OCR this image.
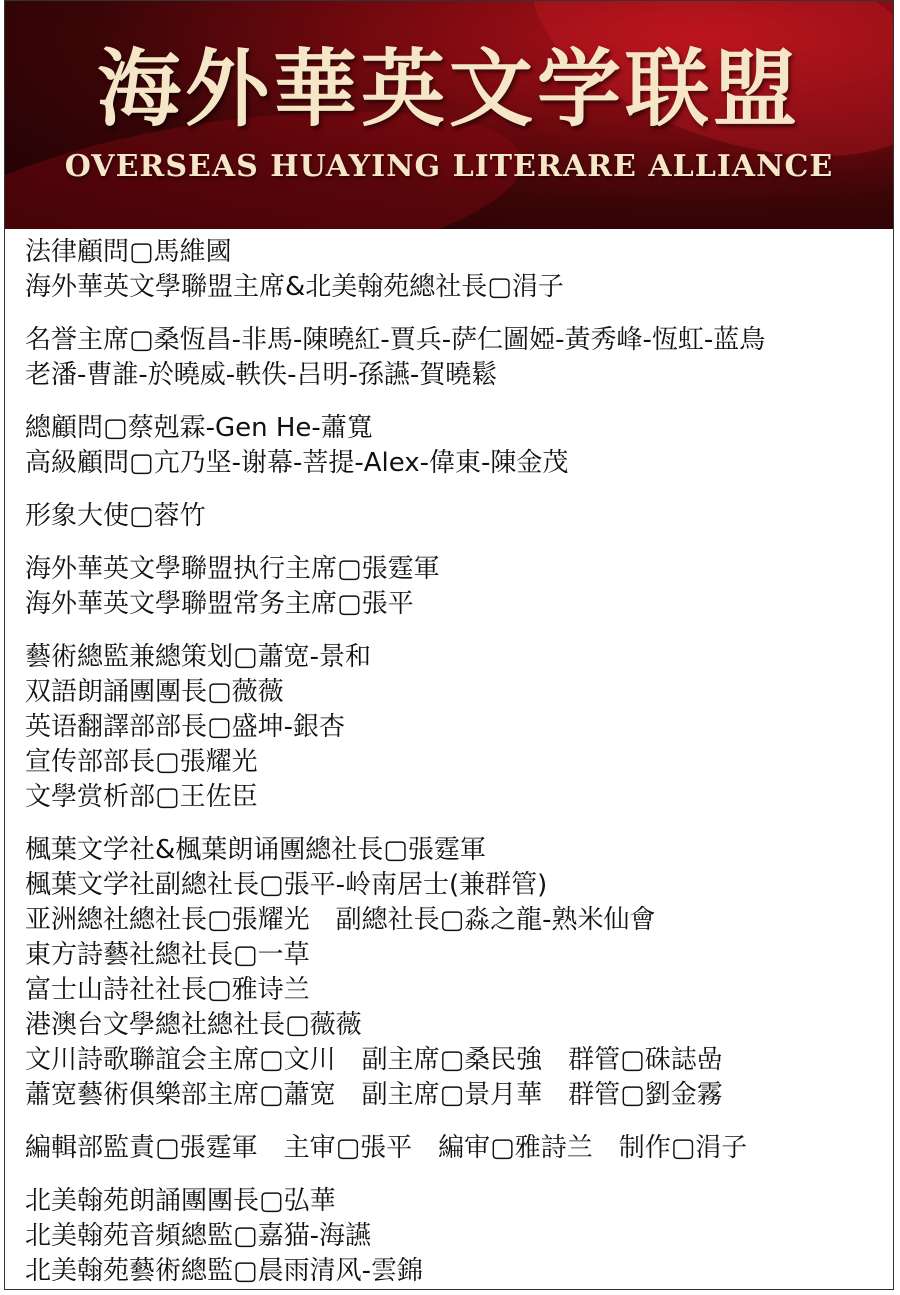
海外華英文学联盟
OVERSEAS HUAYING LITERARE ALLIANCE
法律顧問▢馬維國
海外華英文學聯盟主席&北美翰苑總社長▢涓子
名誉主席▢桑恆昌-非馬-陳曉紅-賈兵-萨仁圖婭-黃秀峰-恆虹-蓝鳥
老潘-曹誰-於曉威-軼佚-吕明-孫讌-賀曉鬆
總顧問▢蔡剋霖-Gen He-蕭寬
高級顧問▢亢乃坚-谢幕-菩提-Alex-偉東-陳金茂
形象大使▢蓉竹
海外華英文學聯盟执行主席▢張霆軍
海外華英文學聯盟常务主席▢張平
藝術總監兼總策划▢蕭宽-景和
双語朗誦團團長▢薇薇
英语翻譯部部長▢盛坤-銀杏
宣传部部長▢張耀光
文學赏析部▢王佐臣
楓葉文学社&楓葉朗诵團總社長▢張霆軍
楓葉文学社副總社長▢張平-岭南居士(兼群管)
亚洲總社總社長▢張耀光　副總社長▢淼之龍-熟米仙會
東方詩藝社總社長▢一草
富士山詩社社長▢雅诗兰
港澳台文學總社總社長▢薇薇
文川詩歌聯誼会主席▢文川　副主席▢桑民強　群管▢硃誌嵒
蕭宽藝術俱樂部主席▢蕭宽　副主席▢景月華　群管▢劉金霧
編輯部監責▢張霆軍　主审▢張平　編审▢雅詩兰　制作▢涓子
北美翰苑朗誦團團長▢弘華
北美翰苑音頻總監▢嘉猫-海讌
北美翰苑藝術總監▢晨雨清风-雲錦
